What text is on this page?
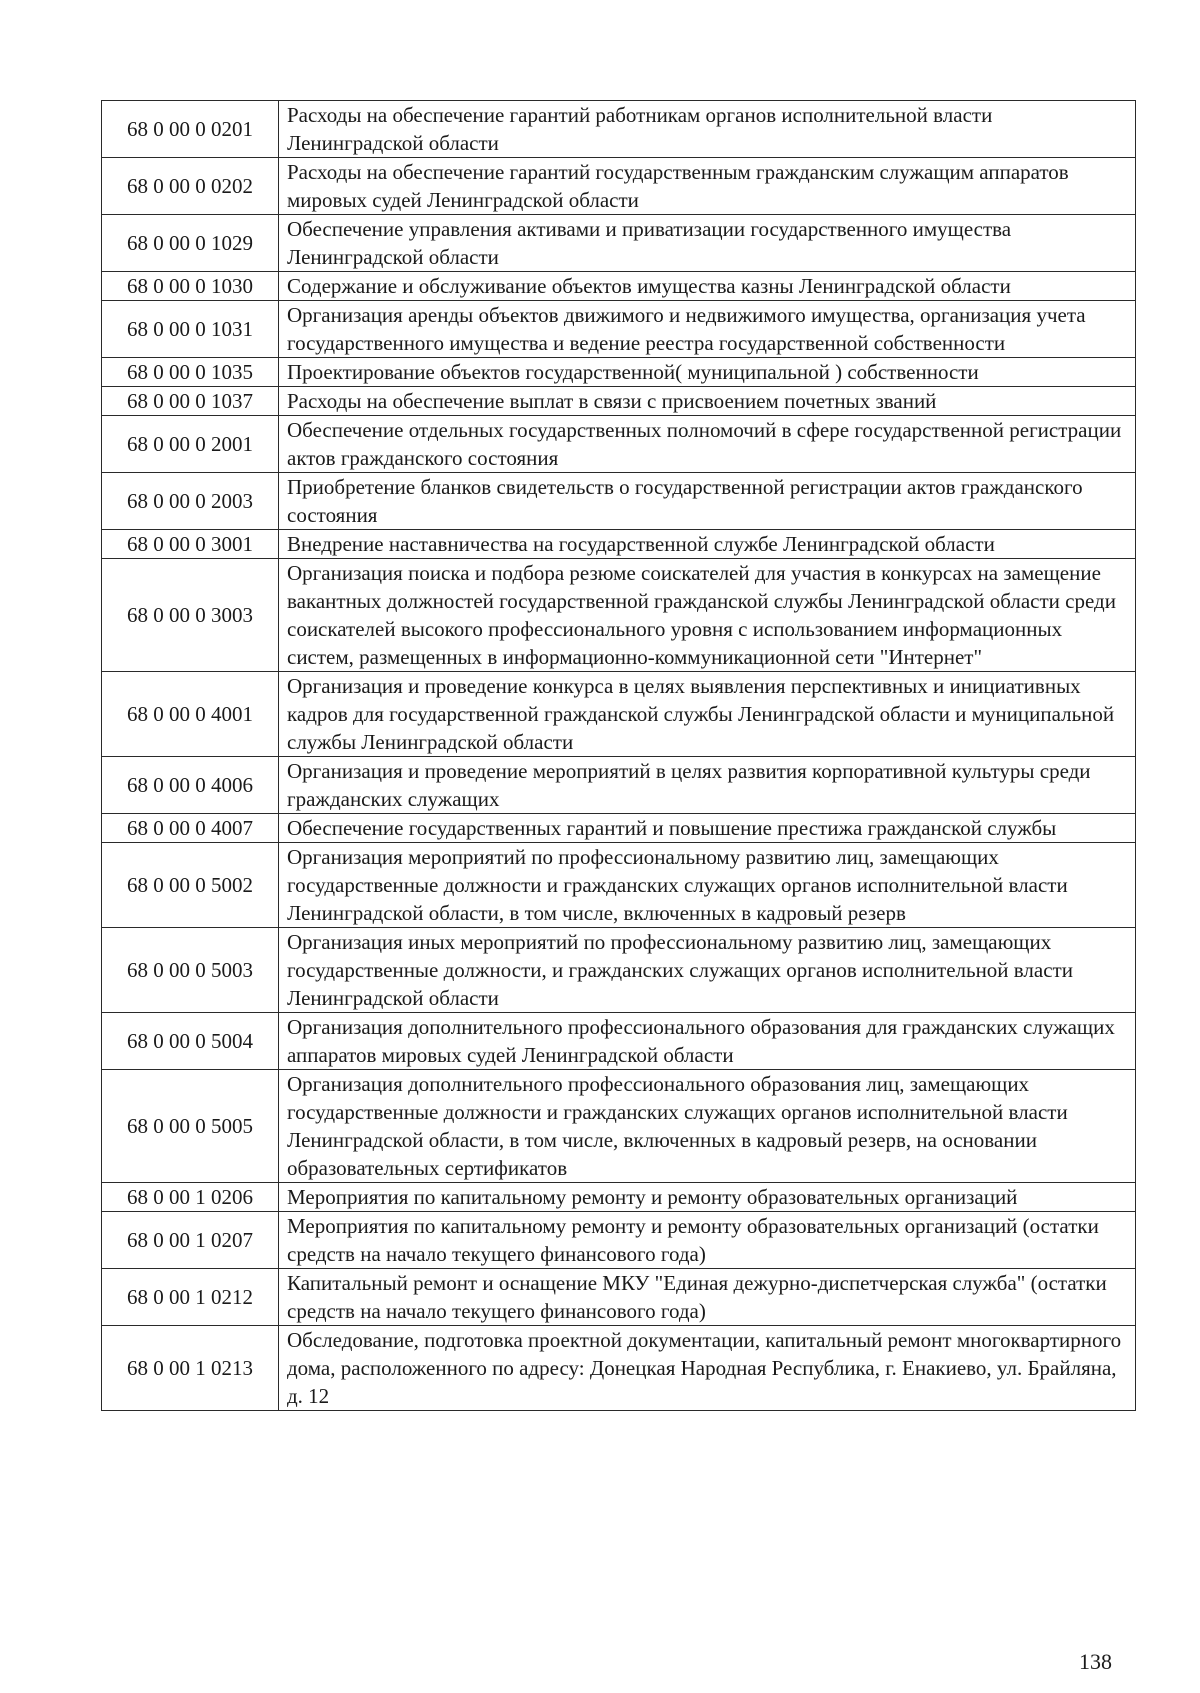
68 0 00 0 0201	Расходы на обеспечение гарантий работникам органов исполнительной власти Ленинградской области
68 0 00 0 0202	Расходы на обеспечение гарантий государственным гражданским служащим аппаратов мировых судей Ленинградской области
68 0 00 0 1029	Обеспечение управления активами и приватизации государственного имущества Ленинградской области
68 0 00 0 1030	Содержание и обслуживание объектов имущества казны Ленинградской области
68 0 00 0 1031	Организация аренды объектов движимого и недвижимого имущества, организация учета государственного имущества и ведение реестра государственной собственности
68 0 00 0 1035	Проектирование объектов государственной( муниципальной ) собственности
68 0 00 0 1037	Расходы на обеспечение выплат в связи с присвоением почетных званий
68 0 00 0 2001	Обеспечение отдельных государственных полномочий в сфере государственной регистрации актов гражданского состояния
68 0 00 0 2003	Приобретение бланков свидетельств о государственной регистрации актов гражданского состояния
68 0 00 0 3001	Внедрение наставничества на государственной службе Ленинградской области
68 0 00 0 3003	Организация поиска и подбора резюме соискателей для участия в конкурсах на замещение вакантных должностей государственной гражданской службы Ленинградской области среди соискателей высокого профессионального уровня с использованием информационных систем, размещенных в информационно-коммуникационной сети "Интернет"
68 0 00 0 4001	Организация и проведение конкурса в целях выявления перспективных и инициативных кадров для государственной гражданской службы Ленинградской области и муниципальной службы Ленинградской области
68 0 00 0 4006	Организация и проведение мероприятий в целях развития корпоративной культуры среди гражданских служащих
68 0 00 0 4007	Обеспечение государственных гарантий и повышение престижа гражданской службы
68 0 00 0 5002	Организация мероприятий по профессиональному развитию лиц, замещающих государственные должности и гражданских служащих органов исполнительной власти Ленинградской области, в том числе, включенных в кадровый резерв
68 0 00 0 5003	Организация иных мероприятий по профессиональному развитию лиц, замещающих государственные должности, и гражданских служащих органов исполнительной власти Ленинградской области
68 0 00 0 5004	Организация дополнительного профессионального образования для гражданских служащих аппаратов мировых судей Ленинградской области
68 0 00 0 5005	Организация дополнительного профессионального образования лиц, замещающих государственные должности и гражданских служащих органов исполнительной власти Ленинградской области, в том числе, включенных в кадровый резерв, на основании образовательных сертификатов
68 0 00 1 0206	Мероприятия по капитальному ремонту и ремонту образовательных организаций
68 0 00 1 0207	Мероприятия по капитальному ремонту и ремонту образовательных организаций (остатки средств на начало текущего финансового года)
68 0 00 1 0212	Капитальный ремонт и оснащение МКУ "Единая дежурно-диспетчерская служба" (остатки средств на начало текущего финансового года)
68 0 00 1 0213	Обследование, подготовка проектной документации, капитальный ремонт многоквартирного дома, расположенного по адресу: Донецкая Народная Республика, г. Енакиево, ул. Брайляна, д. 12
138
